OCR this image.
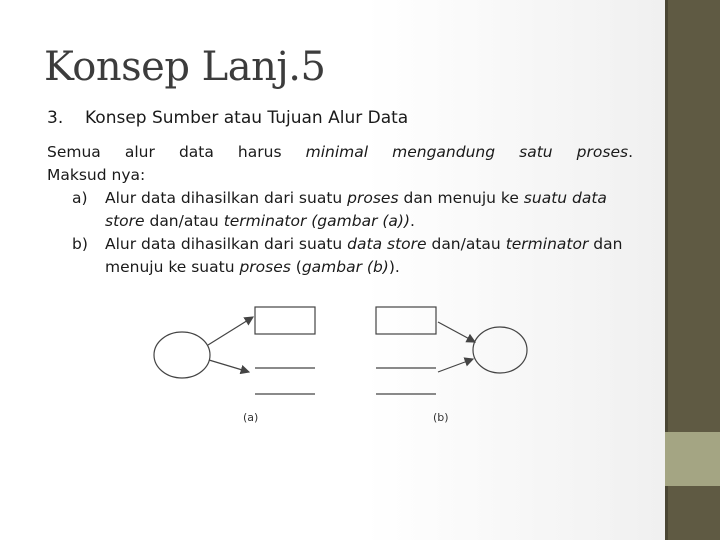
Konsep Lanj.5
3. Konsep Sumber atau Tujuan Alur Data
Semua alur data harus minimal mengandung satu proses.
Maksud nya:
a) Alur data dihasilkan dari suatu proses dan menuju ke suatu data store dan/atau terminator (gambar (a)).
b) Alur data dihasilkan dari suatu data store dan/atau terminator dan menuju ke suatu proses (gambar (b)).
(a)	(b)
